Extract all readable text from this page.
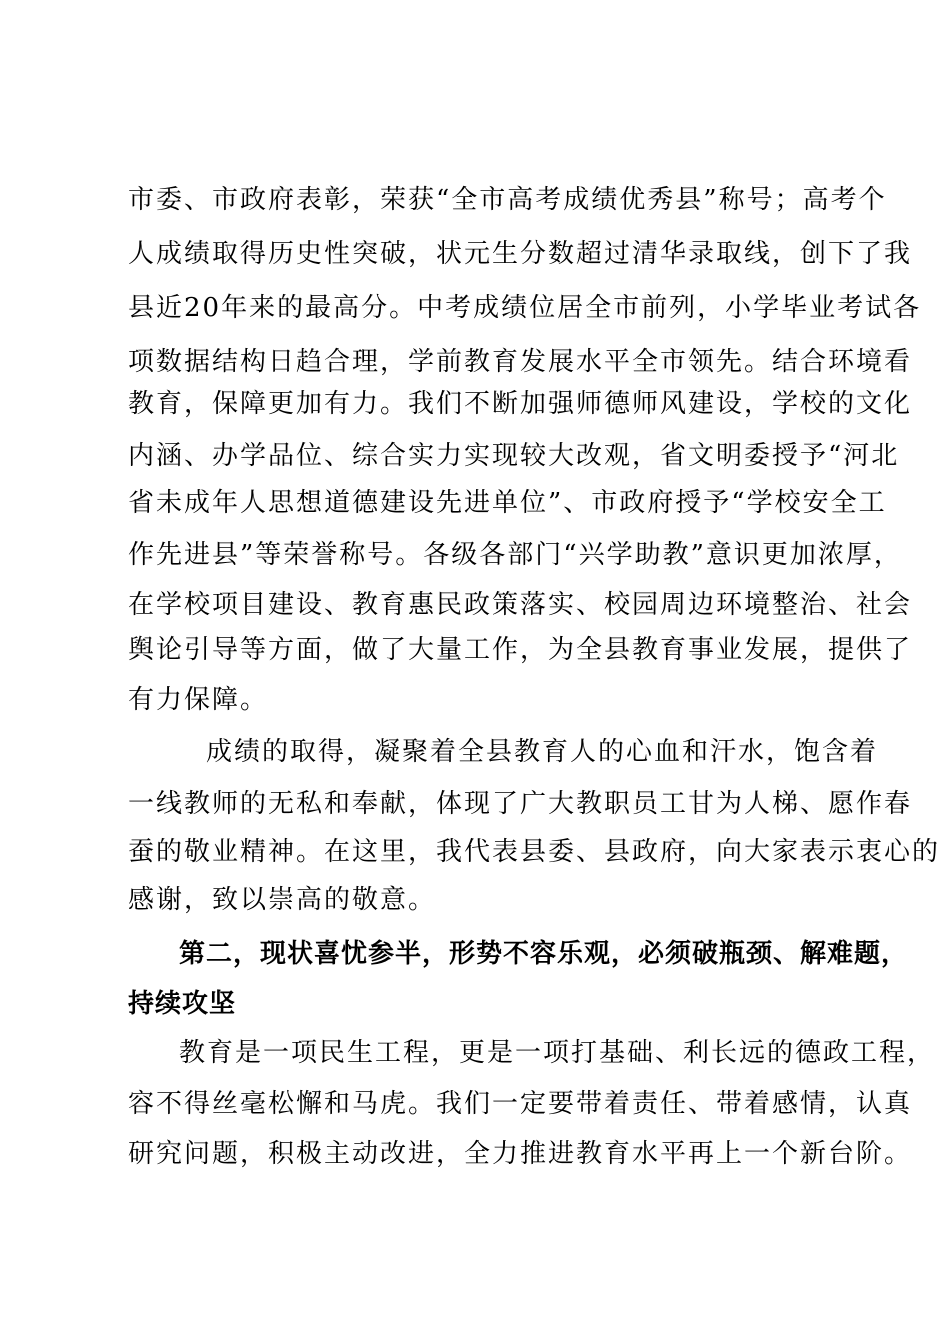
市委、市政府表彰，荣获“全市高考成绩优秀县”称号；高考个
人成绩取得历史性突破，状元生分数超过清华录取线，创下了我
县近20年来的最高分。中考成绩位居全市前列，小学毕业考试各
项数据结构日趋合理，学前教育发展水平全市领先。结合环境看
教育，保障更加有力。我们不断加强师德师风建设，学校的文化
内涵、办学品位、综合实力实现较大改观，省文明委授予“河北
省未成年人思想道德建设先进单位”、市政府授予“学校安全工
作先进县”等荣誉称号。各级各部门“兴学助教”意识更加浓厚，
在学校项目建设、教育惠民政策落实、校园周边环境整治、社会
舆论引导等方面，做了大量工作，为全县教育事业发展，提供了
有力保障。
成绩的取得，凝聚着全县教育人的心血和汗水，饱含着
一线教师的无私和奉献，体现了广大教职员工甘为人梯、愿作春
蚕的敬业精神。在这里，我代表县委、县政府，向大家表示衷心的
感谢，致以崇高的敬意。
第二，现状喜忧参半，形势不容乐观，必须破瓶颈、解难题，
持续攻坚
教育是一项民生工程，更是一项打基础、利长远的德政工程，
容不得丝毫松懈和马虎。我们一定要带着责任、带着感情，认真
研究问题，积极主动改进，全力推进教育水平再上一个新台阶。
